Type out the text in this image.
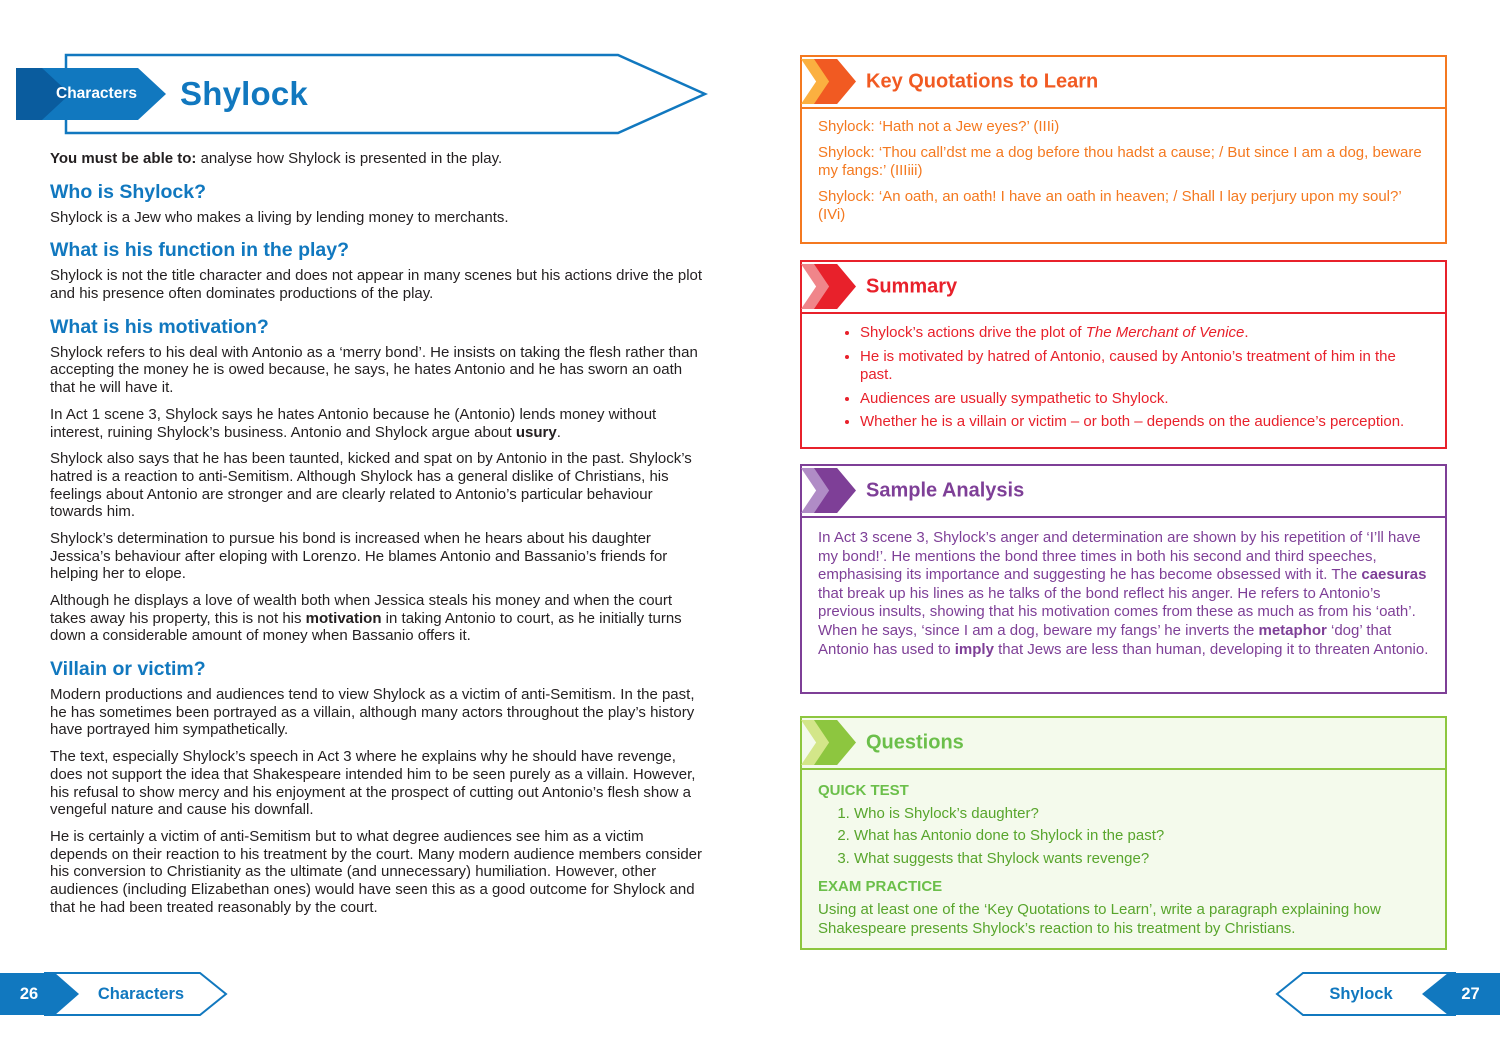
Characters Shylock

You must be able to: analyse how Shylock is presented in the play.

Who is Shylock?

Shylock is a Jew who makes a living by lending money to merchants.

What is his function in the play?

Shylock is not the title character and does not appear in many scenes but his actions drive the plot and his presence often dominates productions of the play.

What is his motivation?

Shylock refers to his deal with Antonio as a ‘merry bond’. He insists on taking the flesh rather than accepting the money he is owed because, he says, he hates Antonio and he has sworn an oath that he will have it.

In Act 1 scene 3, Shylock says he hates Antonio because he (Antonio) lends money without interest, ruining Shylock’s business. Antonio and Shylock argue about usury.

Shylock also says that he has been taunted, kicked and spat on by Antonio in the past. Shylock’s hatred is a reaction to anti-Semitism. Although Shylock has a general dislike of Christians, his feelings about Antonio are stronger and are clearly related to Antonio’s particular behaviour towards him.

Shylock’s determination to pursue his bond is increased when he hears about his daughter Jessica’s behaviour after eloping with Lorenzo. He blames Antonio and Bassanio’s friends for helping her to elope.

Although he displays a love of wealth both when Jessica steals his money and when the court takes away his property, this is not his motivation in taking Antonio to court, as he initially turns down a considerable amount of money when Bassanio offers it.

Villain or victim?

Modern productions and audiences tend to view Shylock as a victim of anti-Semitism. In the past, he has sometimes been portrayed as a villain, although many actors throughout the play’s history have portrayed him sympathetically.

The text, especially Shylock’s speech in Act 3 where he explains why he should have revenge, does not support the idea that Shakespeare intended him to be seen purely as a villain. However, his refusal to show mercy and his enjoyment at the prospect of cutting out Antonio’s flesh show a vengeful nature and cause his downfall.

He is certainly a victim of anti-Semitism but to what degree audiences see him as a victim depends on their reaction to his treatment by the court. Many modern audience members consider his conversion to Christianity as the ultimate (and unnecessary) humiliation. However, other audiences (including Elizabethan ones) would have seen this as a good outcome for Shylock and that he had been treated reasonably by the court.

Key Quotations to Learn

Shylock: ‘Hath not a Jew eyes?’ (IIIi)

Shylock: ‘Thou call’dst me a dog before thou hadst a cause; / But since I am a dog, beware my fangs:’ (IIIiii)

Shylock: ‘An oath, an oath! I have an oath in heaven; / Shall I lay perjury upon my soul?’ (IVi)

Summary
• Shylock’s actions drive the plot of The Merchant of Venice.
• He is motivated by hatred of Antonio, caused by Antonio’s treatment of him in the past.
• Audiences are usually sympathetic to Shylock.
• Whether he is a villain or victim – or both – depends on the audience’s perception.
Sample Analysis

In Act 3 scene 3, Shylock’s anger and determination are shown by his repetition of ‘I’ll have my bond!’. He mentions the bond three times in both his second and third speeches, emphasising its importance and suggesting he has become obsessed with it. The caesuras that break up his lines as he talks of the bond reflect his anger. He refers to Antonio’s previous insults, showing that his motivation comes from these as much as from his ‘oath’. When he says, ‘since I am a dog, beware my fangs’ he inverts the metaphor ‘dog’ that Antonio has used to imply that Jews are less than human, developing it to threaten Antonio.

Questions
QUICK TEST
1. Who is Shylock’s daughter?
2. What has Antonio done to Shylock in the past?
3. What suggests that Shylock wants revenge?
EXAM PRACTICE

Using at least one of the ‘Key Quotations to Learn’, write a paragraph explaining how Shakespeare presents Shylock’s reaction to his treatment by Christians.

26	Characters	Shylock	27
